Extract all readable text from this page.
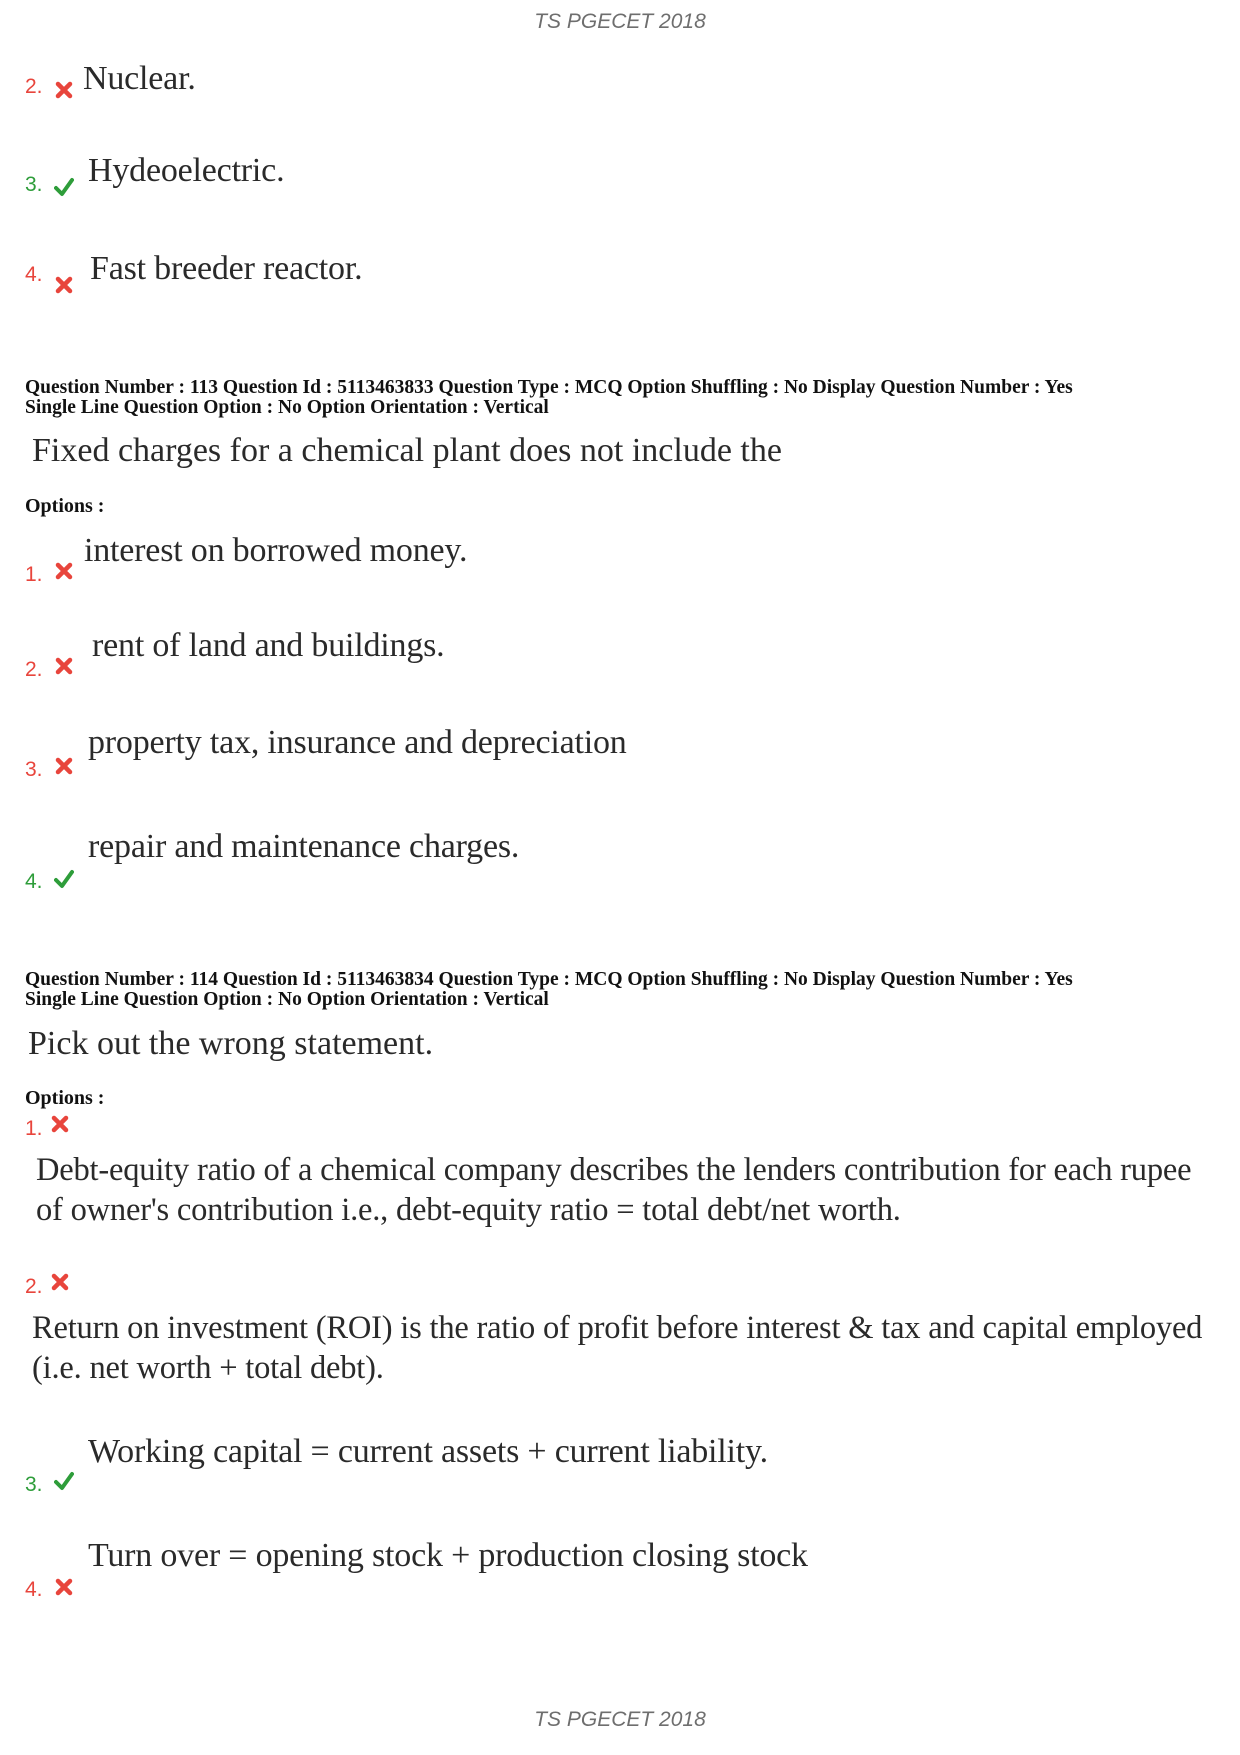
TS PGECET 2018
2. Nuclear.
3. Hydeoelectric.
4. Fast breeder reactor.
Question Number : 113 Question Id : 5113463833 Question Type : MCQ Option Shuffling : No Display Question Number : Yes
Single Line Question Option : No Option Orientation : Vertical
Fixed charges for a chemical plant does not include the
Options :
1.
interest on borrowed money.
2.
rent of land and buildings.
3.
property tax, insurance and depreciation
4.
repair and maintenance charges.
Question Number : 114 Question Id : 5113463834 Question Type : MCQ Option Shuffling : No Display Question Number : Yes
Single Line Question Option : No Option Orientation : Vertical
Pick out the wrong statement.
Options :
1.
Debt-equity ratio of a chemical company describes the lenders contribution for each rupee of owner's contribution i.e., debt-equity ratio = total debt/net worth.
2.
Return on investment (ROI) is the ratio of profit before interest & tax and capital employed (i.e. net worth + total debt).
3.
Working capital = current assets + current liability.
4.
Turn over = opening stock + production closing stock
TS PGECET 2018
